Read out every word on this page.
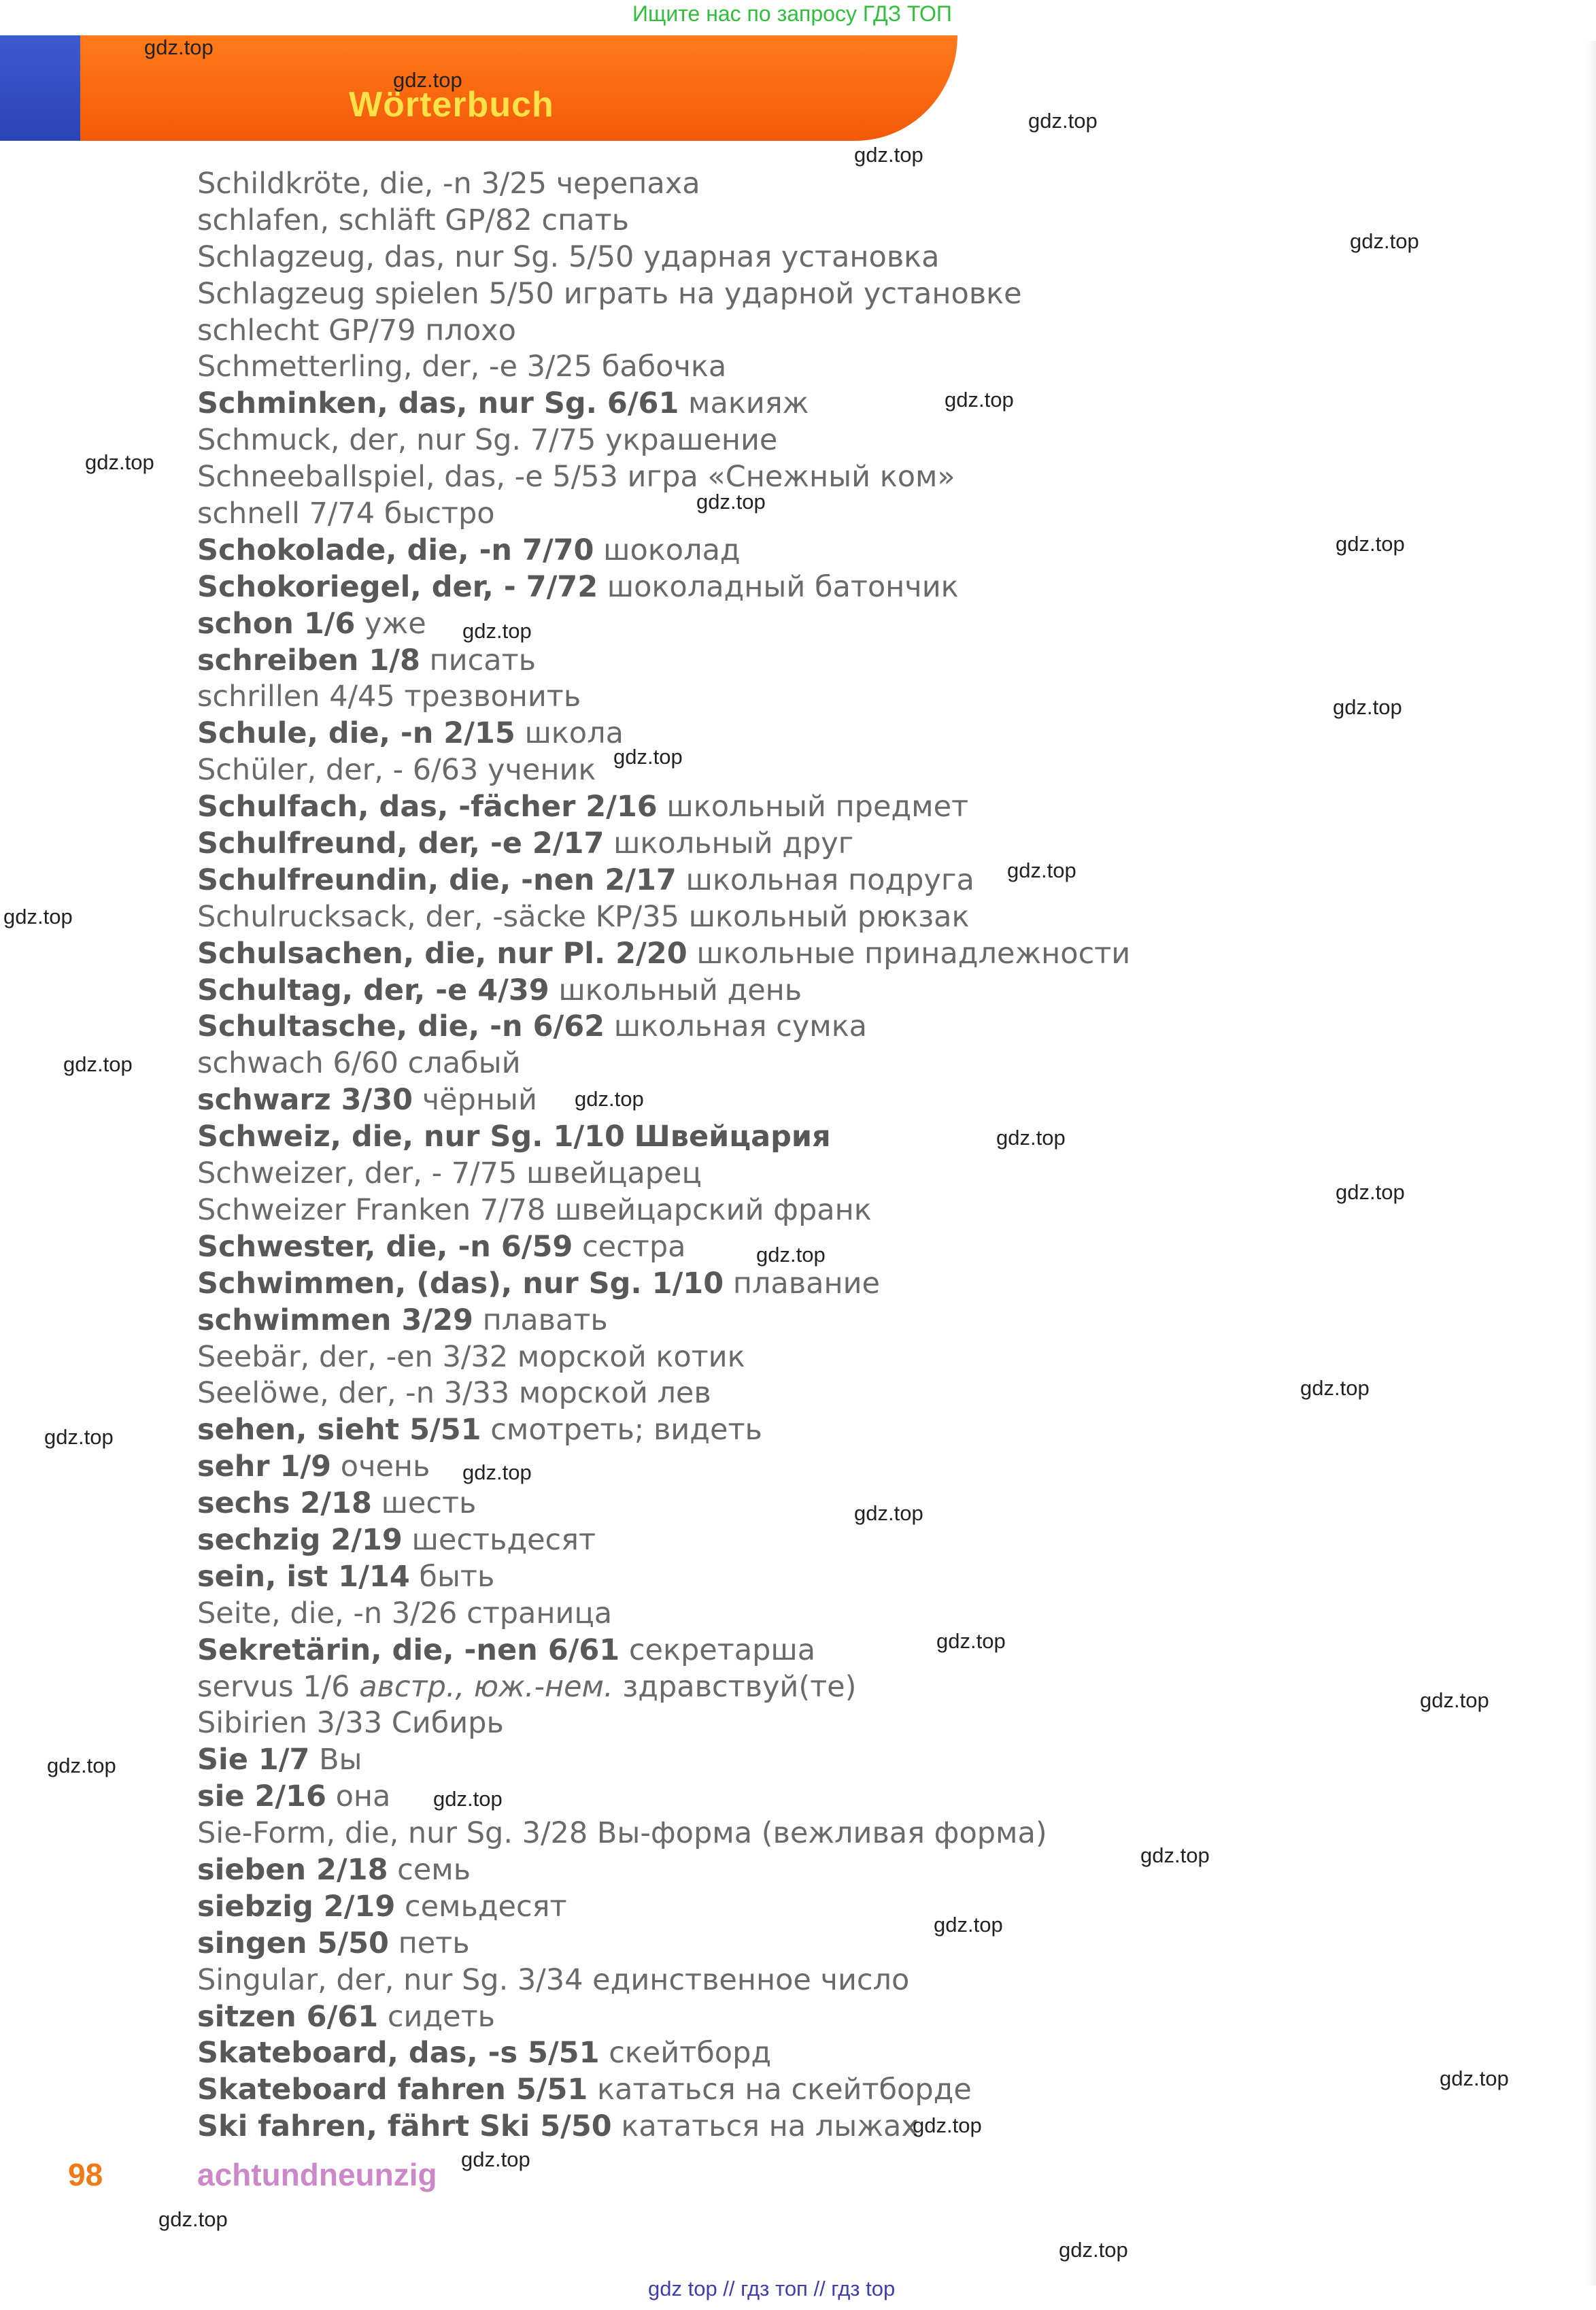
Ищите нас по запросу ГДЗ ТОП
Wörterbuch
Schildkröte, die, -n 3/25 черепаха
schlafen, schläft GP/82 спать
Schlagzeug, das, nur Sg. 5/50 ударная установка
Schlagzeug spielen 5/50 играть на ударной установке
schlecht GP/79 плохо
Schmetterling, der, -e 3/25 бабочка
Schminken, das, nur Sg. 6/61 макияж
Schmuck, der, nur Sg. 7/75 украшение
Schneeballspiel, das, -e 5/53 игра «Снежный ком»
schnell 7/74 быстро
Schokolade, die, -n 7/70 шоколад
Schokoriegel, der, - 7/72 шоколадный батончик
schon 1/6 уже
schreiben 1/8 писать
schrillen 4/45 трезвонить
Schule, die, -n 2/15 школа
Schüler, der, - 6/63 ученик
Schulfach, das, -fächer 2/16 школьный предмет
Schulfreund, der, -e 2/17 школьный друг
Schulfreundin, die, -nen 2/17 школьная подруга
Schulrucksack, der, -säcke KP/35 школьный рюкзак
Schulsachen, die, nur Pl. 2/20 школьные принадлежности
Schultag, der, -e 4/39 школьный день
Schultasche, die, -n 6/62 школьная сумка
schwach 6/60 слабый
schwarz 3/30 чёрный
Schweiz, die, nur Sg. 1/10 Швейцария
Schweizer, der, - 7/75 швейцарец
Schweizer Franken 7/78 швейцарский франк
Schwester, die, -n 6/59 сестра
Schwimmen, (das), nur Sg. 1/10 плавание
schwimmen 3/29 плавать
Seebär, der, -en 3/32 морской котик
Seelöwe, der, -n 3/33 морской лев
sehen, sieht 5/51 смотреть; видеть
sehr 1/9 очень
sechs 2/18 шесть
sechzig 2/19 шестьдесят
sein, ist 1/14 быть
Seite, die, -n 3/26 страница
Sekretärin, die, -nen 6/61 секретарша
servus 1/6 австр., юж.-нем. здравствуй(те)
Sibirien 3/33 Сибирь
Sie 1/7 Вы
sie 2/16 она
Sie-Form, die, nur Sg. 3/28 Вы-форма (вежливая форма)
sieben 2/18 семь
siebzig 2/19 семьдесят
singen 5/50 петь
Singular, der, nur Sg. 3/34 единственное число
sitzen 6/61 сидеть
Skateboard, das, -s 5/51 скейтборд
Skateboard fahren 5/51 кататься на скейтборде
Ski fahren, fährt Ski 5/50 кататься на лыжах
98	achtundneunzig
gdz.top
gdz.top
gdz.top
gdz.top
gdz.top
gdz.top
gdz.top
gdz.top
gdz.top
gdz.top
gdz.top
gdz.top
gdz.top
gdz.top
gdz.top
gdz.top
gdz.top
gdz.top
gdz.top
gdz.top
gdz.top
gdz.top
gdz.top
gdz.top
gdz.top
gdz.top
gdz.top
gdz.top
gdz.top
gdz.top
gdz.top
gdz.top
gdz.top
gdz.top
gdz top // гдз топ // гдз top
